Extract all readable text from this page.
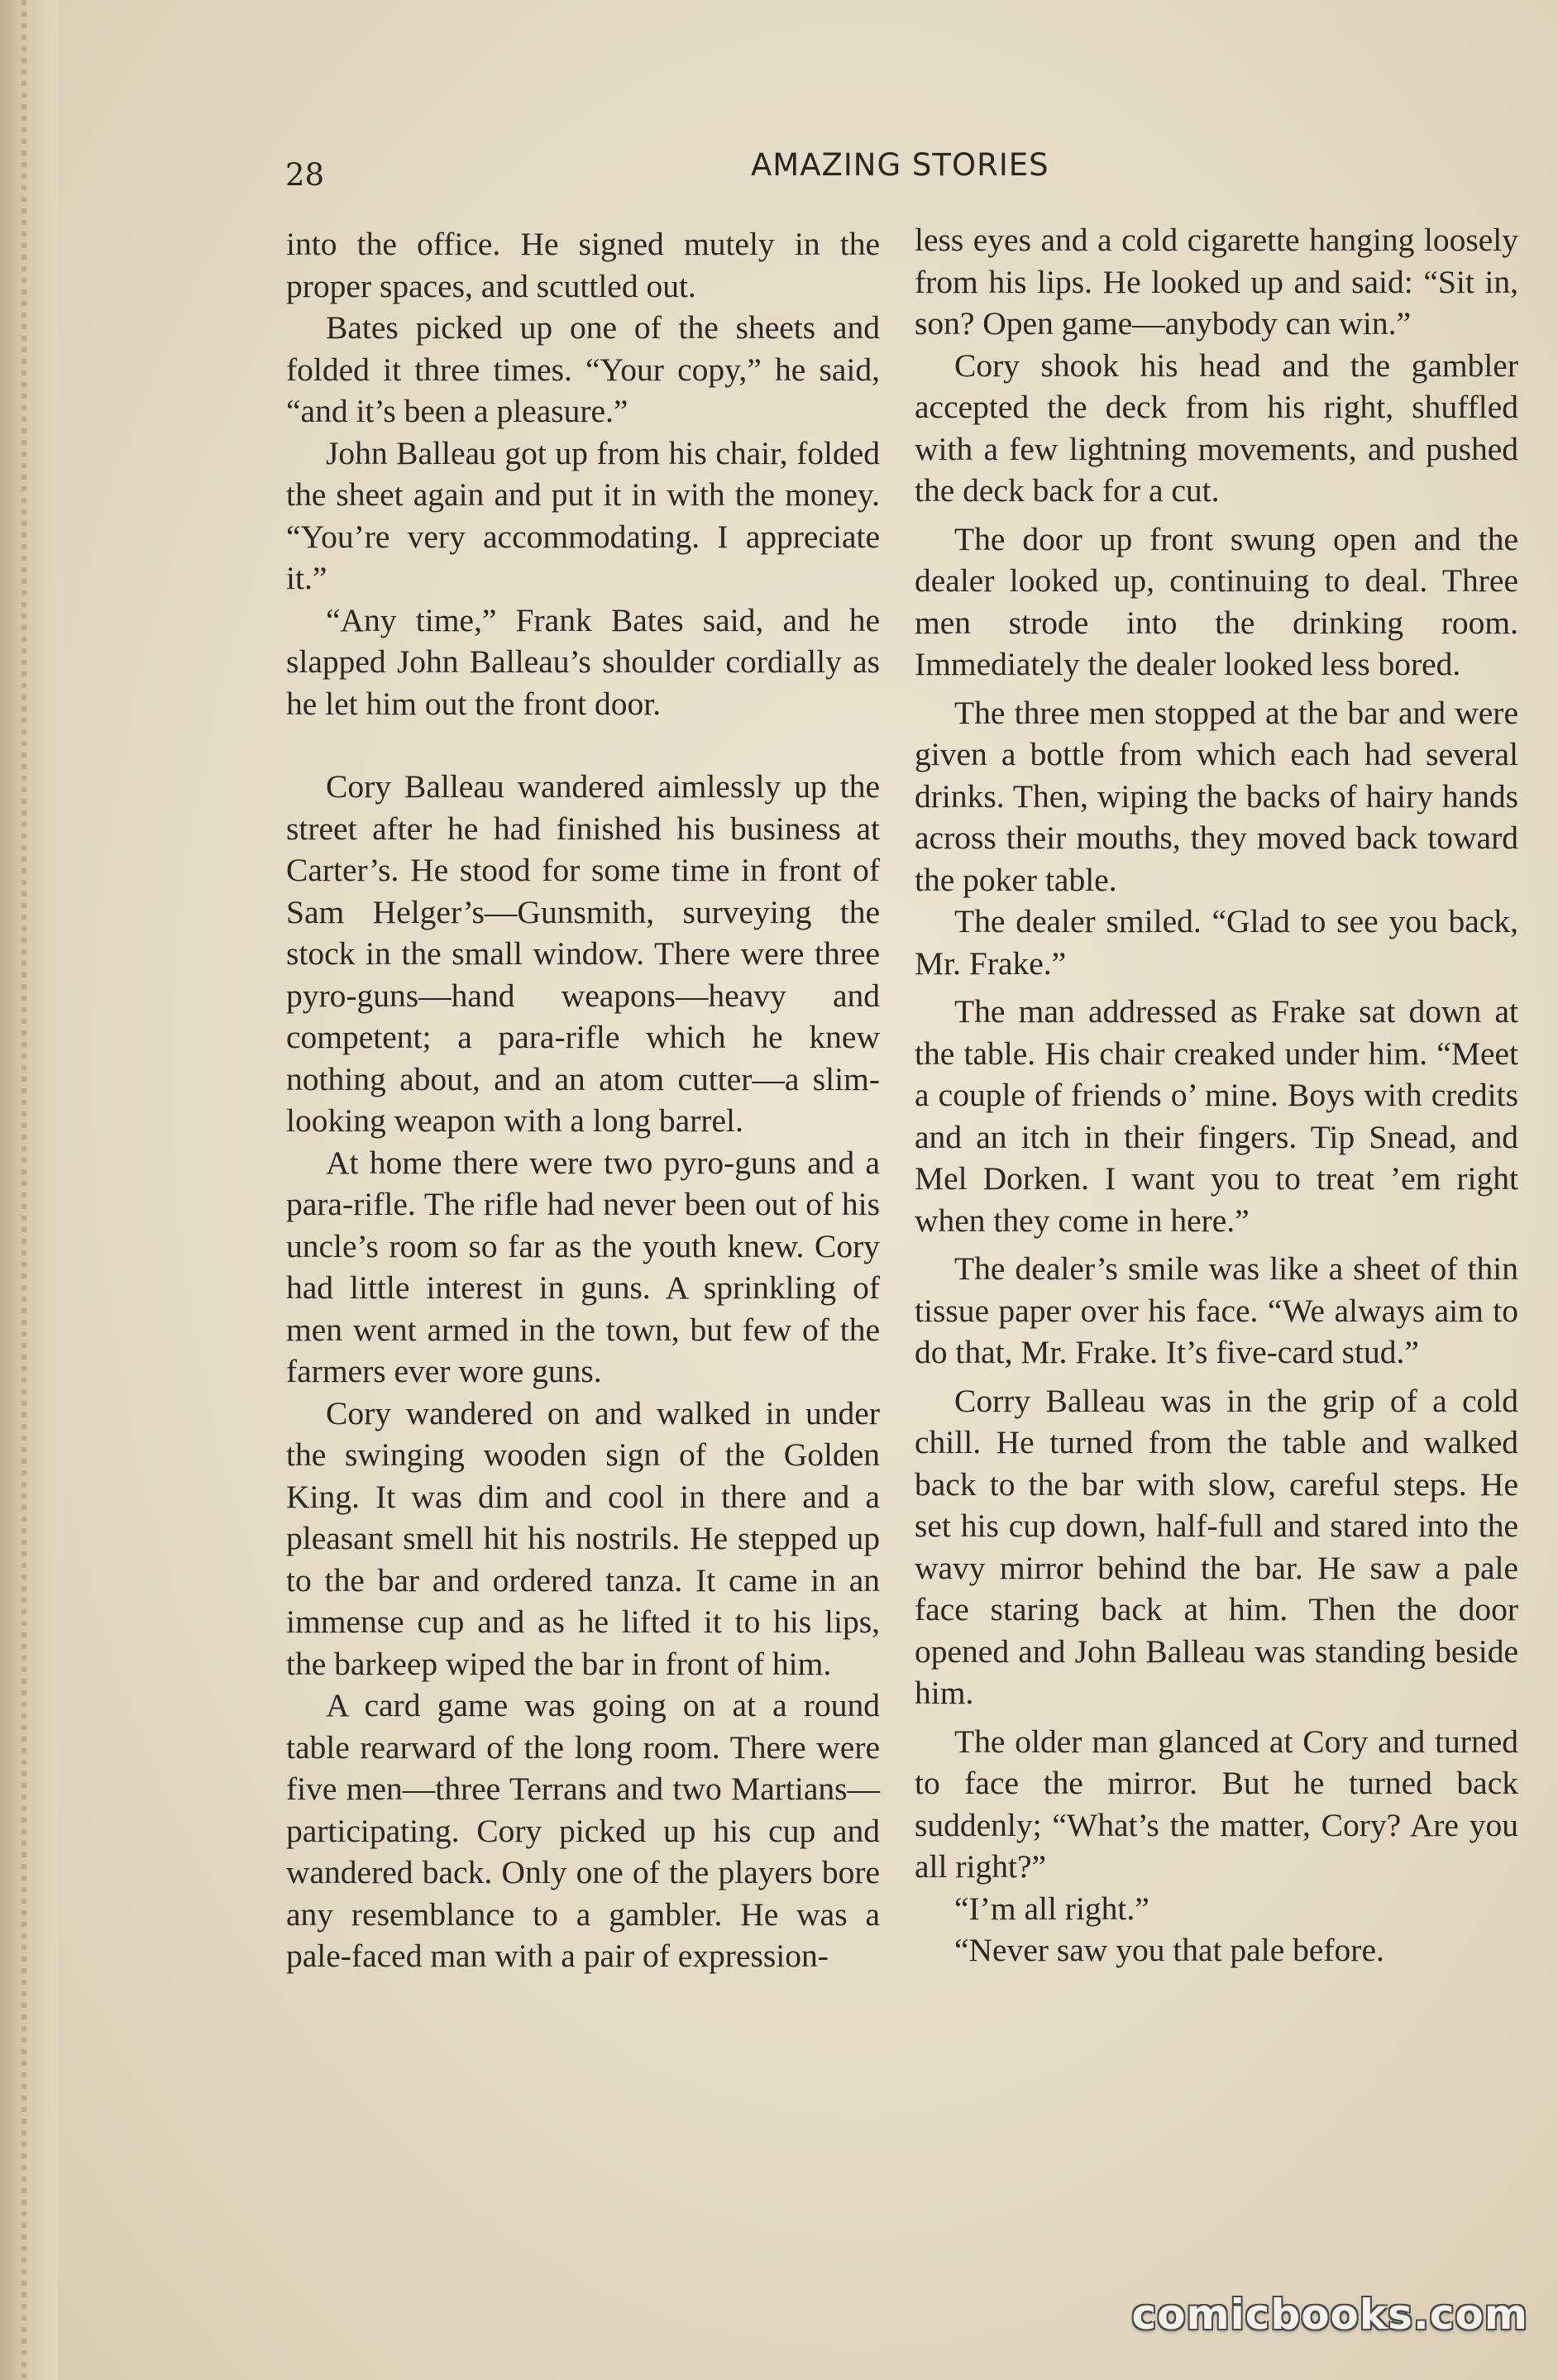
28	AMAZING STORIES

into the office. He signed mutely in the proper spaces, and scuttled out.

Bates picked up one of the sheets and folded it three times. “Your copy,” he said, “and it’s been a pleasure.”

John Balleau got up from his chair, folded the sheet again and put it in with the money. “You’re very accommodating. I appreciate it.”

“Any time,” Frank Bates said, and he slapped John Balleau’s shoulder cordially as he let him out the front door.

Cory Balleau wandered aimlessly up the street after he had finished his business at Carter’s. He stood for some time in front of Sam Helger’s—Gunsmith, surveying the stock in the small window. There were three pyro-guns—hand weapons—heavy and competent; a para-rifle which he knew nothing about, and an atom cutter—a slim-looking weapon with a long barrel.

At home there were two pyro-guns and a para-rifle. The rifle had never been out of his uncle’s room so far as the youth knew. Cory had little interest in guns. A sprinkling of men went armed in the town, but few of the farmers ever wore guns.

Cory wandered on and walked in under the swinging wooden sign of the Golden King. It was dim and cool in there and a pleasant smell hit his nostrils. He stepped up to the bar and ordered tanza. It came in an immense cup and as he lifted it to his lips, the barkeep wiped the bar in front of him.

A card game was going on at a round table rearward of the long room. There were five men—three Terrans and two Martians—participating. Cory picked up his cup and wandered back. Only one of the players bore any resemblance to a gambler. He was a pale-faced man with a pair of expression-

less eyes and a cold cigarette hanging loosely from his lips. He looked up and said: “Sit in, son? Open game—anybody can win.”

Cory shook his head and the gambler accepted the deck from his right, shuffled with a few lightning movements, and pushed the deck back for a cut.

The door up front swung open and the dealer looked up, continuing to deal. Three men strode into the drinking room. Immediately the dealer looked less bored.

The three men stopped at the bar and were given a bottle from which each had several drinks. Then, wiping the backs of hairy hands across their mouths, they moved back toward the poker table.

The dealer smiled. “Glad to see you back, Mr. Frake.”

The man addressed as Frake sat down at the table. His chair creaked under him. “Meet a couple of friends o’ mine. Boys with credits and an itch in their fingers. Tip Snead, and Mel Dorken. I want you to treat ’em right when they come in here.”

The dealer’s smile was like a sheet of thin tissue paper over his face. “We always aim to do that, Mr. Frake. It’s five-card stud.”

Corry Balleau was in the grip of a cold chill. He turned from the table and walked back to the bar with slow, careful steps. He set his cup down, half-full and stared into the wavy mirror behind the bar. He saw a pale face staring back at him. Then the door opened and John Balleau was standing beside him.

The older man glanced at Cory and turned to face the mirror. But he turned back suddenly; “What’s the matter, Cory? Are you all right?”

“I’m all right.”

“Never saw you that pale before.

comicbooks.com
